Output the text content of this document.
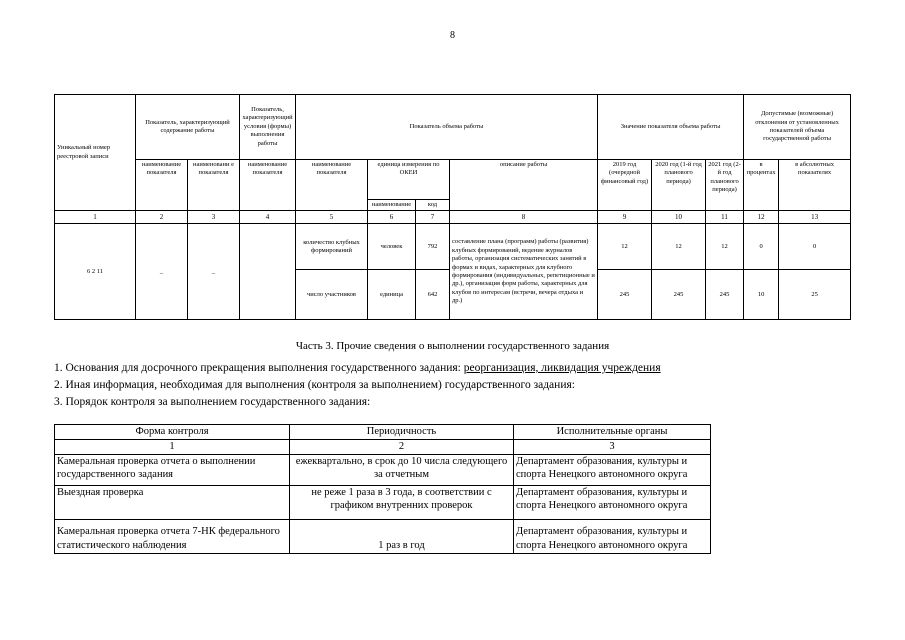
8
Уникальный номер реестровой записи	Показатель, характеризующий содержание работы		Показатель, характеризующий условия (формы) выполнения работы	Показатель объема работы				Значение показателя объема работы			Допустимые (возможные) отклонения от установленных показателей объема государственной работы	
	наименование показателя	наименовани е показателя	наименование показателя	наименование показателя	единица измерения по ОКЕИ		описание работы	2019 год (очередной финансовый год)	2020 год (1-й год планового периода)	2021 год (2-й год планового периода)	в процентах	в абсолютных показателях
					наименование	код						
1	2	3	4	5	6	7	8	9	10	11	12	13
6 2 11	_	_		количество клубных формирований	человек	792	составление плана (программ) работы (развития) клубных формирований, ведение журналов работы, организация систематических занятий в формах и видах, характерных для клубного формирования (индивидуальных, репетиционные и др.), организация форм работы, характерных для клубов по интересам (встречи, вечера отдыха и др.)	12	12	12	0	0
				число участников	единица	642		245	245	245	10	25
Часть 3. Прочие сведения о выполнении государственного задания
1. Основания для досрочного прекращения выполнения государственного задания: реорганизация, ликвидация учреждения
2. Иная информация, необходимая для выполнения (контроля за выполнением) государственного задания:
3. Порядок контроля за выполнением государственного задания:
Форма контроля	Периодичность	Исполнительные органы
1	2	3
Камеральная проверка отчета о выполнении государственного задания	ежеквартально, в срок до 10 числа следующего за отчетным	Департамент образования, культуры и спорта Ненецкого автономного округа
Выездная проверка	не реже 1 раза в 3 года, в соответствии с графиком внутренних проверок	Департамент образования, культуры и спорта Ненецкого автономного округа
Камеральная проверка отчета 7-НК федерального статистического наблюдения	1 раз в год	Департамент образования, культуры и спорта Ненецкого автономного округа
